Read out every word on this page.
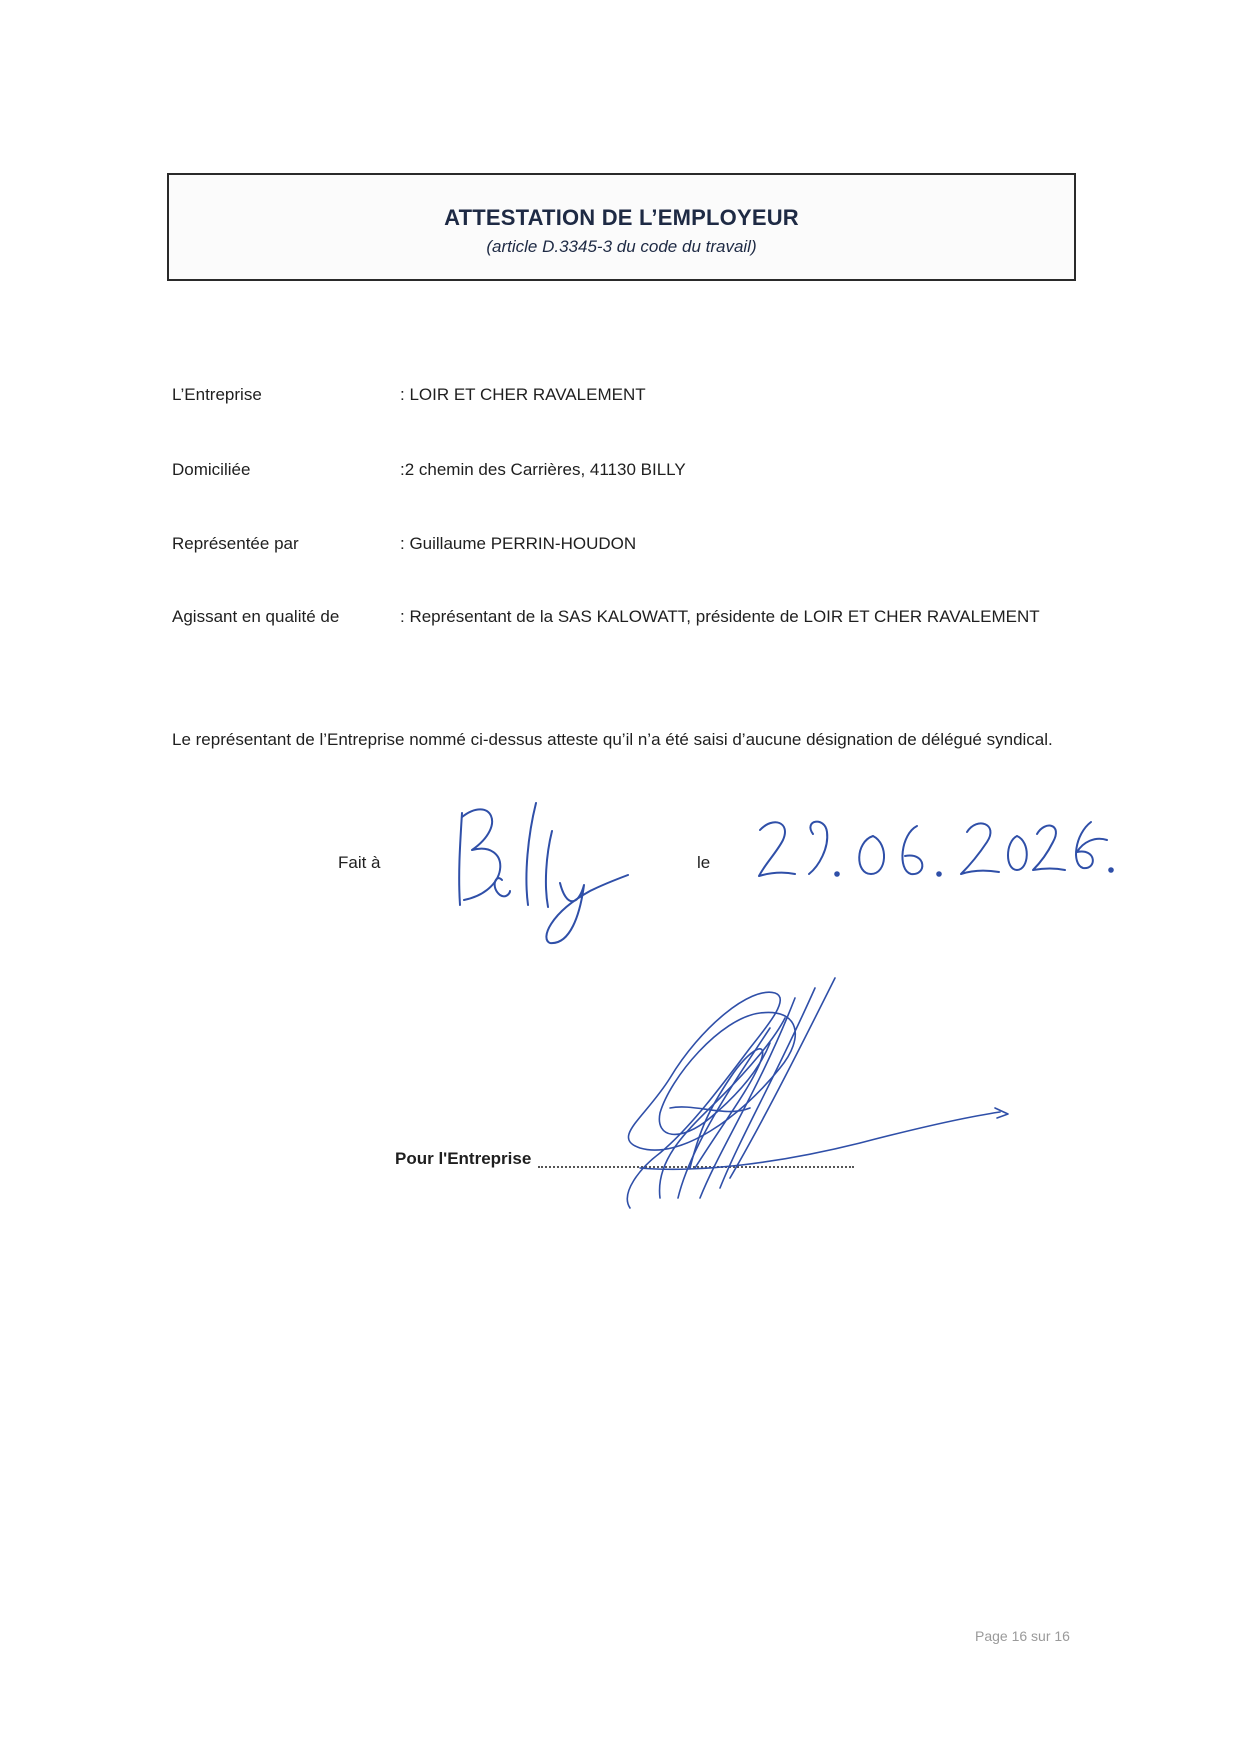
ATTESTATION DE L’EMPLOYEUR
(article D.3345-3 du code du travail)
L’Entreprise	: LOIR ET CHER RAVALEMENT
Domiciliée	:2 chemin des Carrières, 41130 BILLY
Représentée par	: Guillaume PERRIN-HOUDON
Agissant en qualité de	: Représentant de la SAS KALOWATT, présidente de LOIR ET CHER RAVALEMENT
Le représentant de l’Entreprise nommé ci-dessus atteste qu’il n’a été saisi d’aucune désignation de délégué syndical.
Fait à	le
Pour l'Entreprise
Page 16 sur 16
